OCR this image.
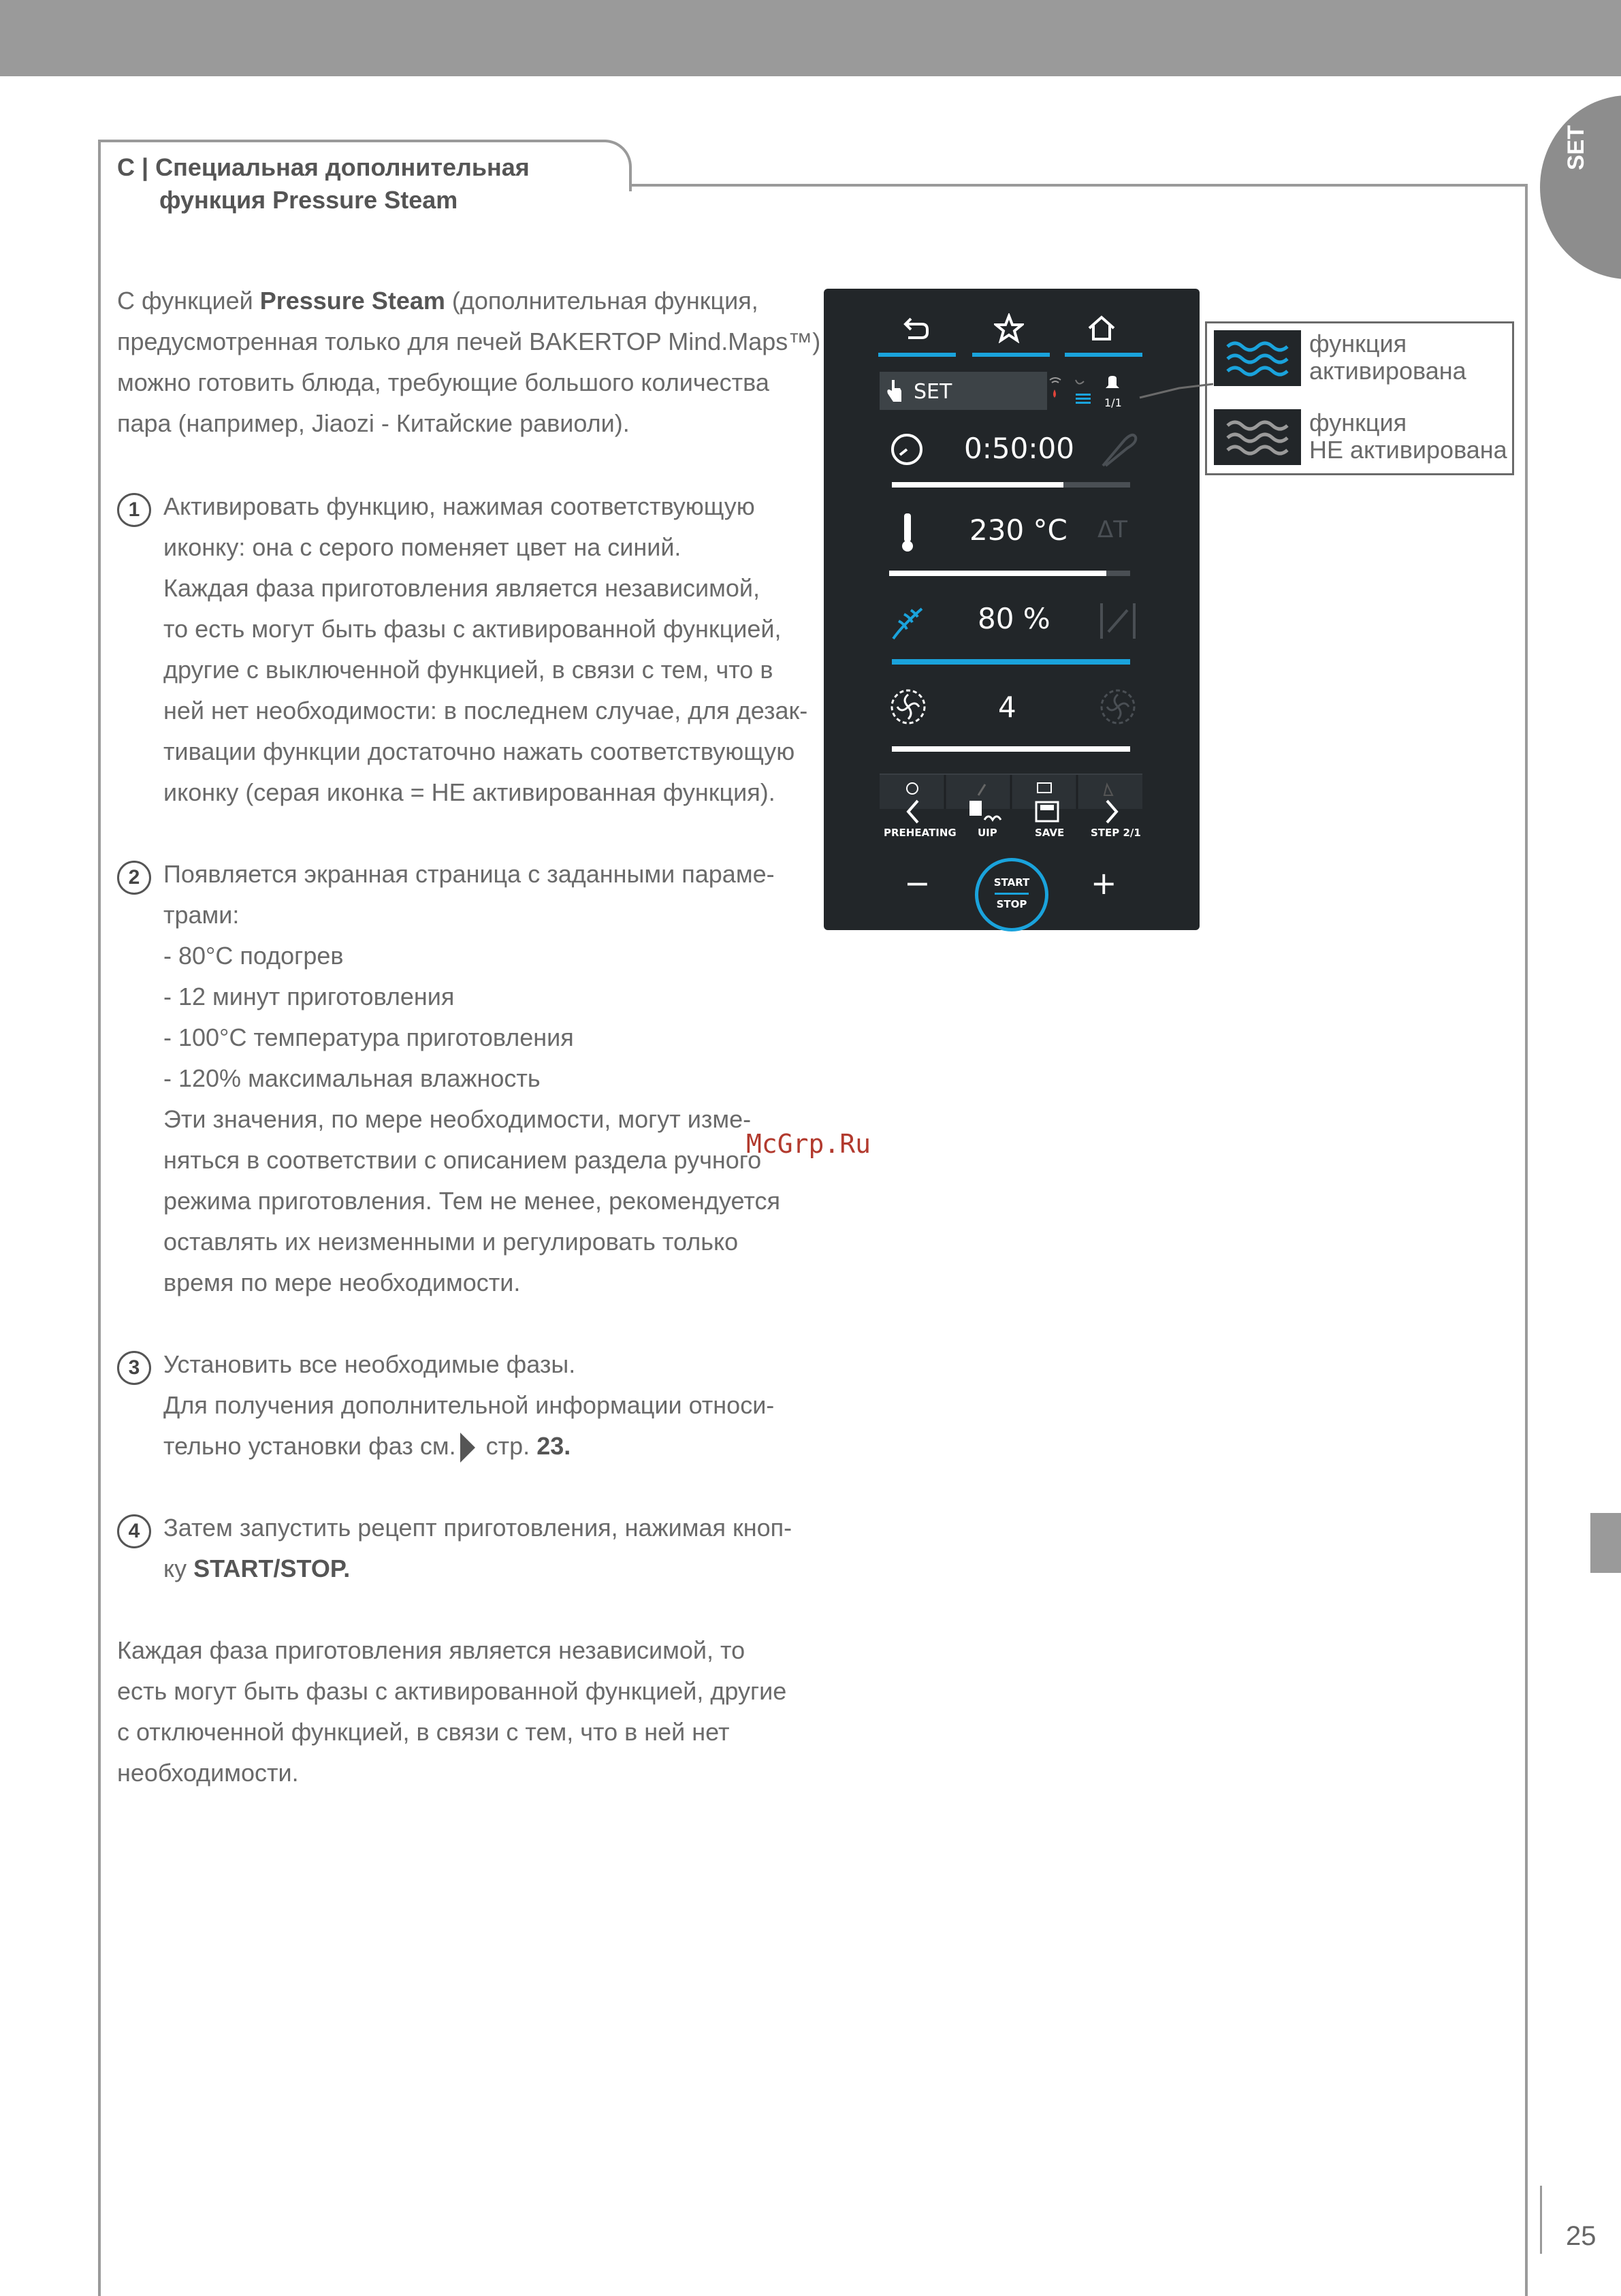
C | Специальная дополнительная
функция Pressure Steam
SET
С функцией Pressure Steam (дополнительная функция,
предусмотренная только для печей BAKERTOP Mind.Maps™)
можно готовить блюда, требующие большого количества
пара (например, Jiaozi - Китайские равиоли).
1 Активировать функцию, нажимая соответствующую
иконку: она с серого поменяет цвет на синий.
Каждая фаза приготовления является независимой,
то есть могут быть фазы с активированной функцией,
другие с выключенной функцией, в связи с тем, что в
ней нет необходимости: в последнем случае, для дезак-
тивации функции достаточно нажать соответствующую
иконку (серая иконка = НЕ активированная функция).
2 Появляется экранная страница с заданными параме-
трами:
- 80°C подогрев
- 12 минут приготовления
- 100°C температура приготовления
- 120% максимальная влажность
Эти значения, по мере необходимости, могут изме-
няться в соответствии с описанием раздела ручного
режима приготовления. Тем не менее, рекомендуется
оставлять их неизменными и регулировать только
время по мере необходимости.
3 Установить все необходимые фазы.
Для получения дополнительной информации относи-
тельно установки фаз см. стр. 23.
4 Затем запустить рецепт приготовления, нажимая кноп-
ку START/STOP.
Каждая фаза приготовления является независимой, то
есть могут быть фазы с активированной функцией, другие
с отключенной функцией, в связи с тем, что в ней нет
необходимости.
McGrp.Ru
SET	1/1
0:50:00
230 °C ΔT
80 %
4
PREHEATING UIP	SAVE	STEP 2/1
−	START
STOP
+
функция
активирована
функция
НЕ активирована
25
